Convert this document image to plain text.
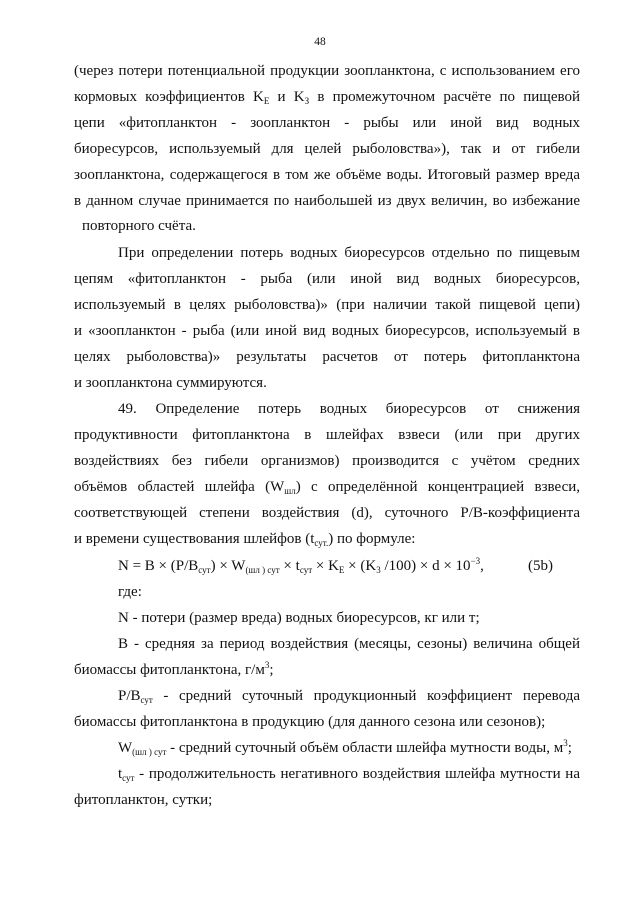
48
(через потери потенциальной продукции зоопланктона, с использованием его
кормовых коэффициентов $K_E$ и $K_З$ в промежуточном расчёте по пищевой
цепи «фитопланктон - зоопланктон - рыбы или иной вид водных
биоресурсов, используемый для целей рыболовства»), так и от гибели
зоопланктона, содержащегося в том же объёме воды. Итоговый размер вреда
в данном случае принимается по наибольшей из двух величин, во избежание
повторного счёта.
При определении потерь водных биоресурсов отдельно по пищевым
цепям «фитопланктон - рыба (или иной вид водных биоресурсов,
используемый в целях рыболовства)» (при наличии такой пищевой цепи)
и «зоопланктон - рыба (или иной вид водных биоресурсов, используемый в
целях рыболовства)» результаты расчетов от потерь фитопланктона
и зоопланктона суммируются.
49. Определение потерь водных биоресурсов от снижения
продуктивности фитопланктона в шлейфах взвеси (или при других
воздействиях без гибели организмов) производится с учётом средних
объёмов областей шлейфа $(W_{шл})$ с определённой концентрацией взвеси,
соответствующей степени воздействия (d), суточного P/B-коэффициента
и времени существования шлейфов $(t_{сут.})$ по формуле:
$N = B \times (P/B_{сут}) \times W_{(шл ) сут} \times t_{сут} \times K_E \times (K_3$ $/100) \times d \times 10^{-3}$,	(5b)
где:
N - потери (размер вреда) водных биоресурсов, кг или т;
B - средняя за период воздействия (месяцы, сезоны) величина общей
биомассы фитопланктона, $г/м^3$;
$P/B_{сут}$ - средний суточный продукционный коэффициент перевода
биомассы фитопланктона в продукцию (для данного сезона или сезонов);
$W_{(шл ) сут}$ - средний суточный объём области шлейфа мутности воды, $м^3$;
$t_{сут}$ - продолжительность негативного воздействия шлейфа мутности на
фитопланктон, сутки;
